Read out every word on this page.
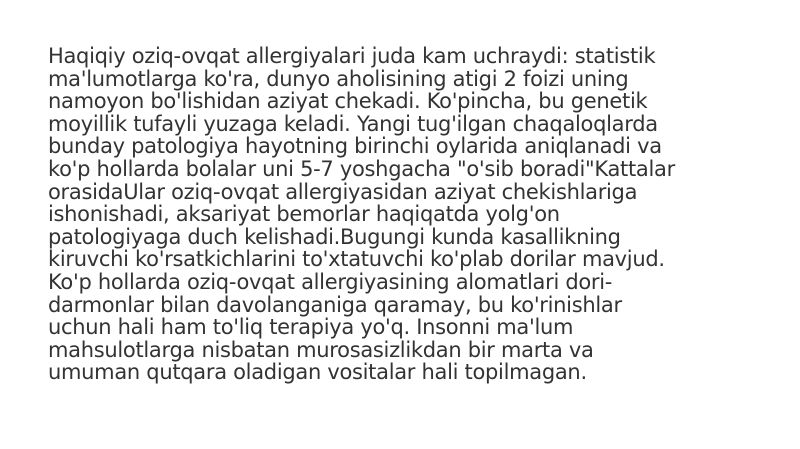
Haqiqiy oziq-ovqat allergiyalari juda kam uchraydi: statistik
ma'lumotlarga ko'ra, dunyo aholisining atigi 2 foizi uning
namoyon bo'lishidan aziyat chekadi. Ko'pincha, bu genetik
moyillik tufayli yuzaga keladi. Yangi tug'ilgan chaqaloqlarda
bunday patologiya hayotning birinchi oylarida aniqlanadi va
ko'p hollarda bolalar uni 5-7 yoshgacha "o'sib boradi"Kattalar
orasidaUlar oziq-ovqat allergiyasidan aziyat chekishlariga
ishonishadi, aksariyat bemorlar haqiqatda yolg'on
patologiyaga duch kelishadi.Bugungi kunda kasallikning
kiruvchi ko'rsatkichlarini to'xtatuvchi ko'plab dorilar mavjud.
Ko'p hollarda oziq-ovqat allergiyasining alomatlari dori-
darmonlar bilan davolanganiga qaramay, bu ko'rinishlar
uchun hali ham to'liq terapiya yo'q. Insonni ma'lum
mahsulotlarga nisbatan murosasizlikdan bir marta va
umuman qutqara oladigan vositalar hali topilmagan.
